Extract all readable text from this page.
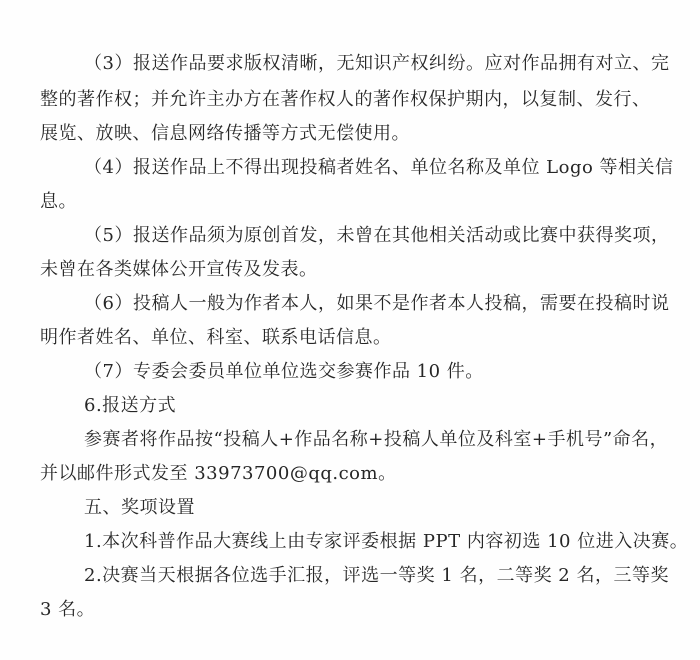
（3）报送作品要求版权清晰，无知识产权纠纷。应对作品拥有对立、完
整的著作权；并允许主办方在著作权人的著作权保护期内，以复制、发行、
展览、放映、信息网络传播等方式无偿使用。
（4）报送作品上不得出现投稿者姓名、单位名称及单位 Logo 等相关信
息。
（5）报送作品须为原创首发，未曾在其他相关活动或比赛中获得奖项，
未曾在各类媒体公开宣传及发表。
（6）投稿人一般为作者本人，如果不是作者本人投稿，需要在投稿时说
明作者姓名、单位、科室、联系电话信息。
（7）专委会委员单位单位选交参赛作品 10 件。
6.报送方式
参赛者将作品按“投稿人+作品名称+投稿人单位及科室+手机号”命名，
并以邮件形式发至 33973700@qq.com。
五、奖项设置
1.本次科普作品大赛线上由专家评委根据 PPT 内容初选 10 位进入决赛。
2.决赛当天根据各位选手汇报，评选一等奖 1 名，二等奖 2 名，三等奖
3 名。
